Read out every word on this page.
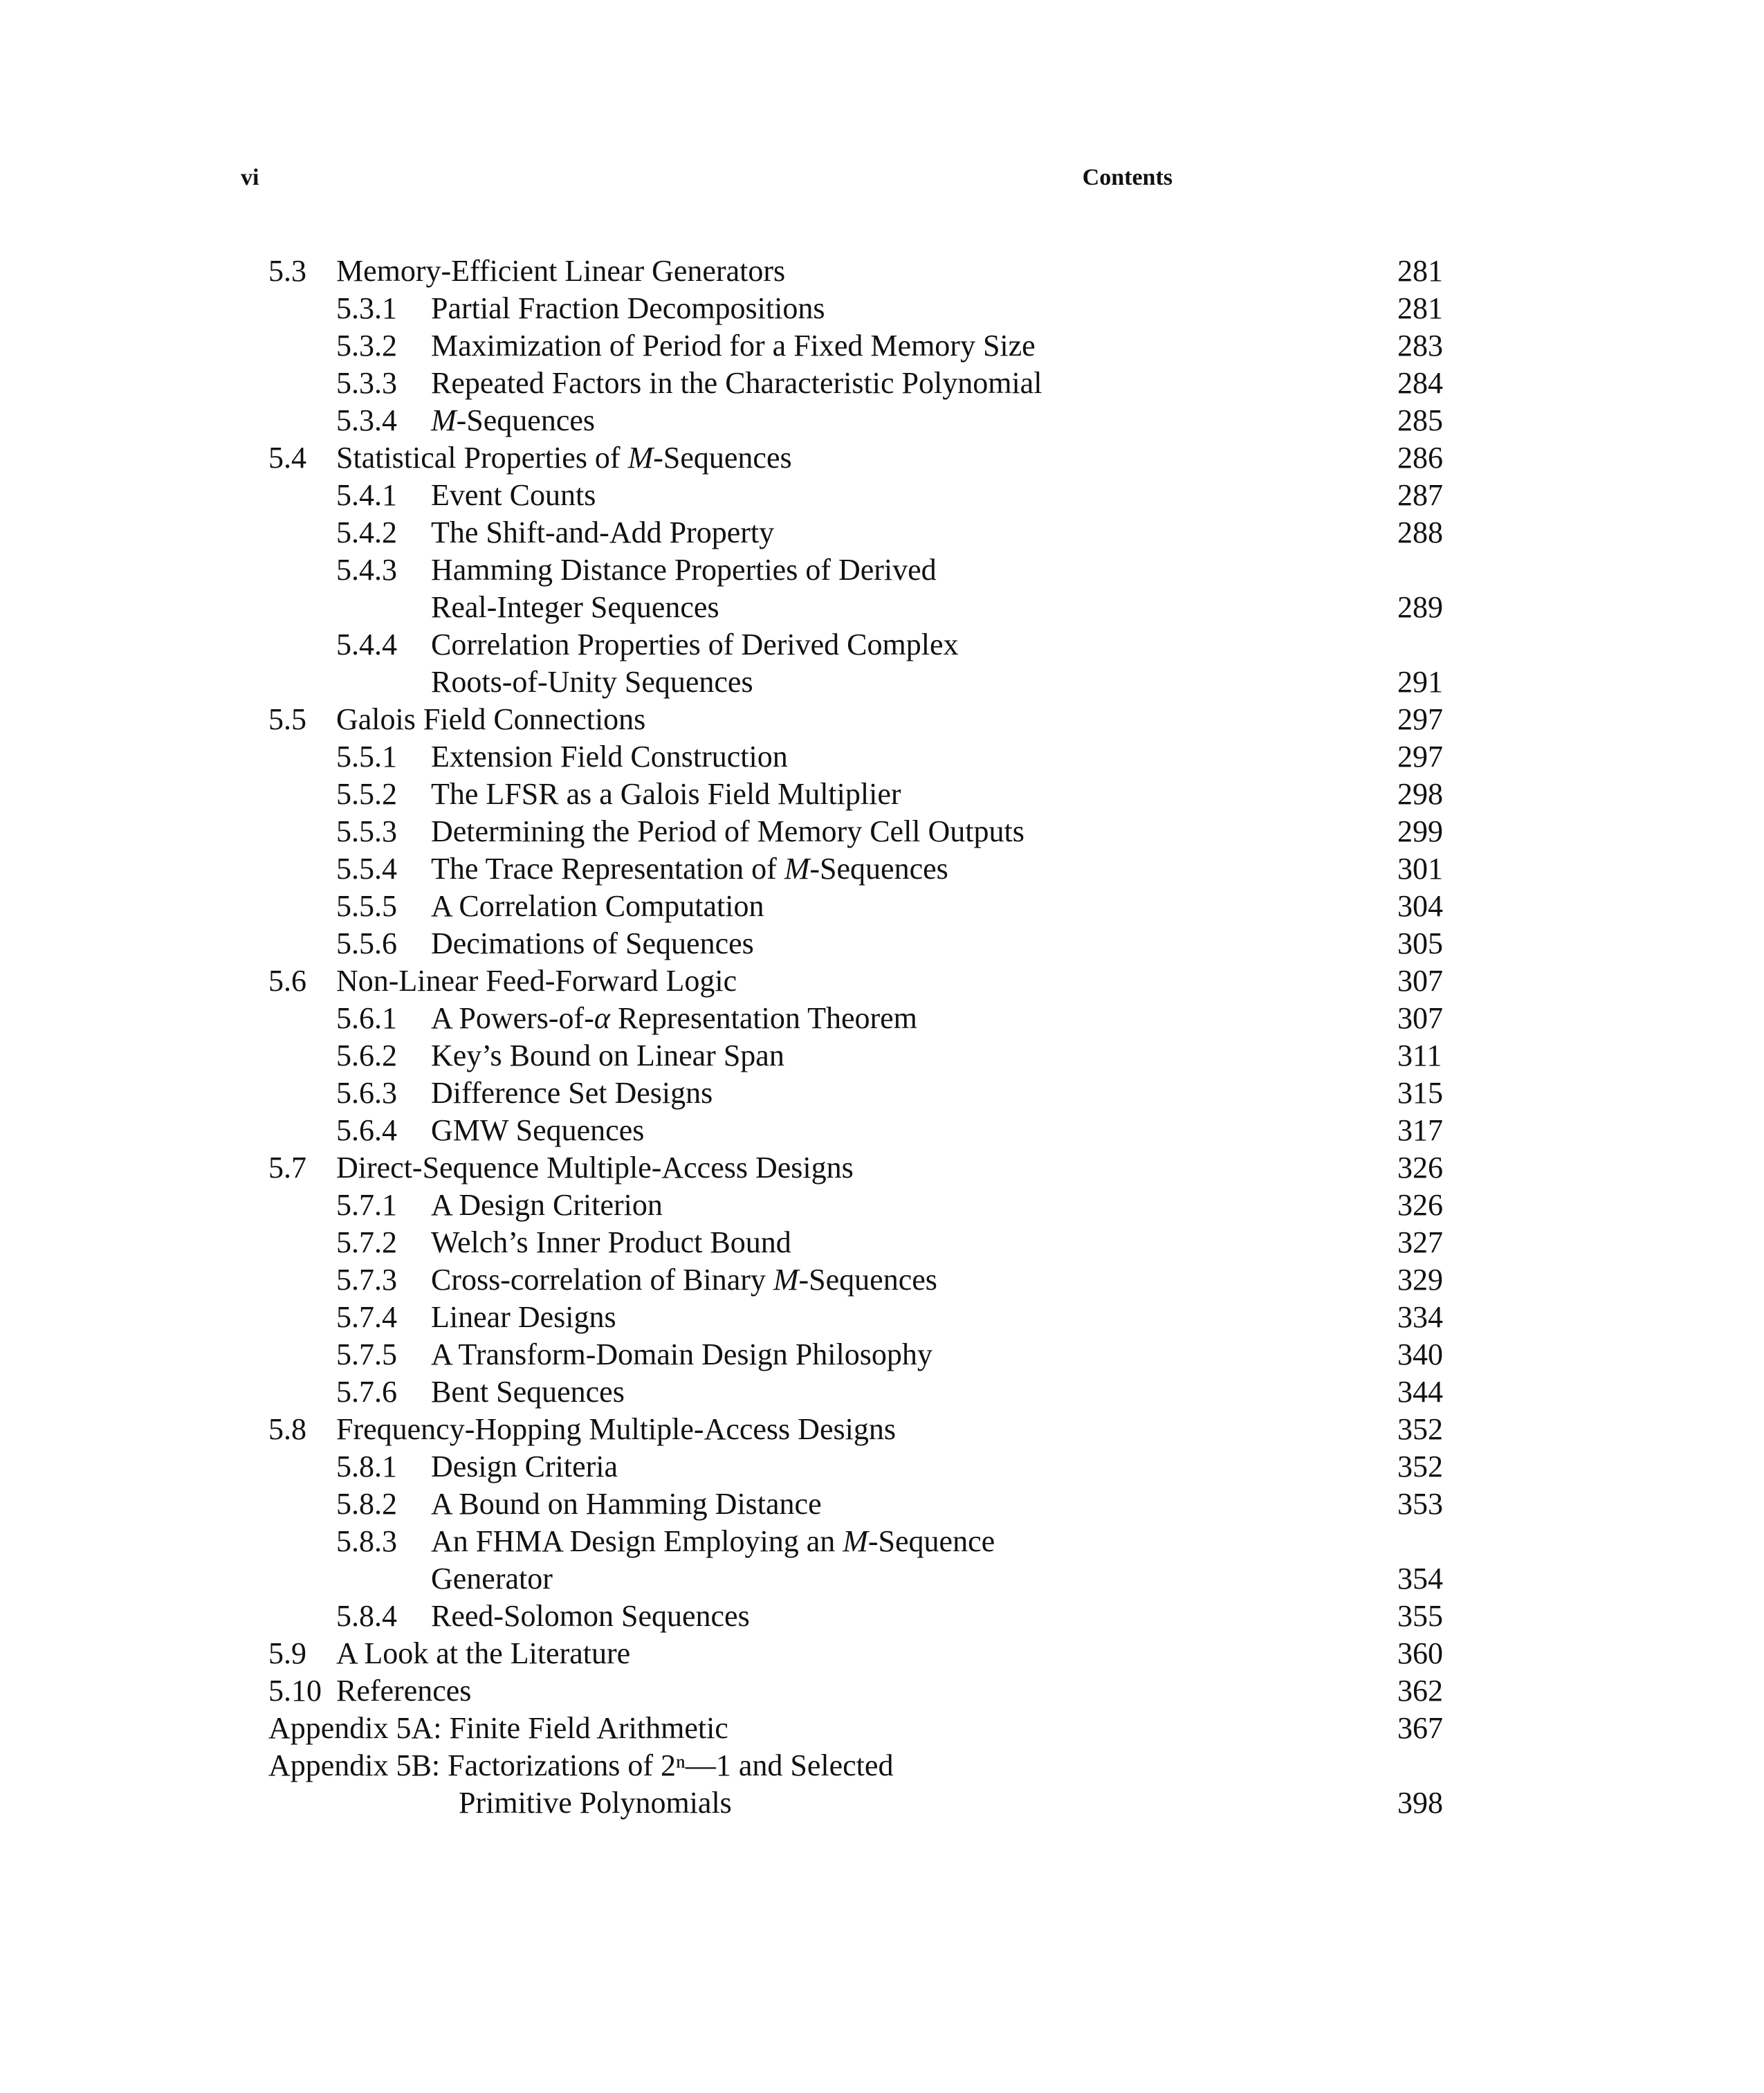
vi	Contents
5.3 Memory-Efficient Linear Generators	281
5.3.1 Partial Fraction Decompositions	281
5.3.2 Maximization of Period for a Fixed Memory Size	283
5.3.3 Repeated Factors in the Characteristic Polynomial	284
5.3.4 M-Sequences	285
5.4 Statistical Properties of M-Sequences	286
5.4.1 Event Counts	287
5.4.2 The Shift-and-Add Property	288
5.4.3 Hamming Distance Properties of Derived
Real-Integer Sequences	289
5.4.4 Correlation Properties of Derived Complex
Roots-of-Unity Sequences	291
5.5 Galois Field Connections	297
5.5.1 Extension Field Construction	297
5.5.2 The LFSR as a Galois Field Multiplier	298
5.5.3 Determining the Period of Memory Cell Outputs	299
5.5.4 The Trace Representation of M-Sequences	301
5.5.5 A Correlation Computation	304
5.5.6 Decimations of Sequences	305
5.6 Non-Linear Feed-Forward Logic	307
5.6.1 A Powers-of-α Representation Theorem	307
5.6.2 Key’s Bound on Linear Span	311
5.6.3 Difference Set Designs	315
5.6.4 GMW Sequences	317
5.7 Direct-Sequence Multiple-Access Designs	326
5.7.1 A Design Criterion	326
5.7.2 Welch’s Inner Product Bound	327
5.7.3 Cross-correlation of Binary M-Sequences	329
5.7.4 Linear Designs	334
5.7.5 A Transform-Domain Design Philosophy	340
5.7.6 Bent Sequences	344
5.8 Frequency-Hopping Multiple-Access Designs	352
5.8.1 Design Criteria	352
5.8.2 A Bound on Hamming Distance	353
5.8.3 An FHMA Design Employing an M-Sequence
Generator	354
5.8.4 Reed-Solomon Sequences	355
5.9 A Look at the Literature	360
5.10 References	362
Appendix 5A: Finite Field Arithmetic	367
Appendix 5B: Factorizations of 2ⁿ—1 and Selected
Primitive Polynomials	398
